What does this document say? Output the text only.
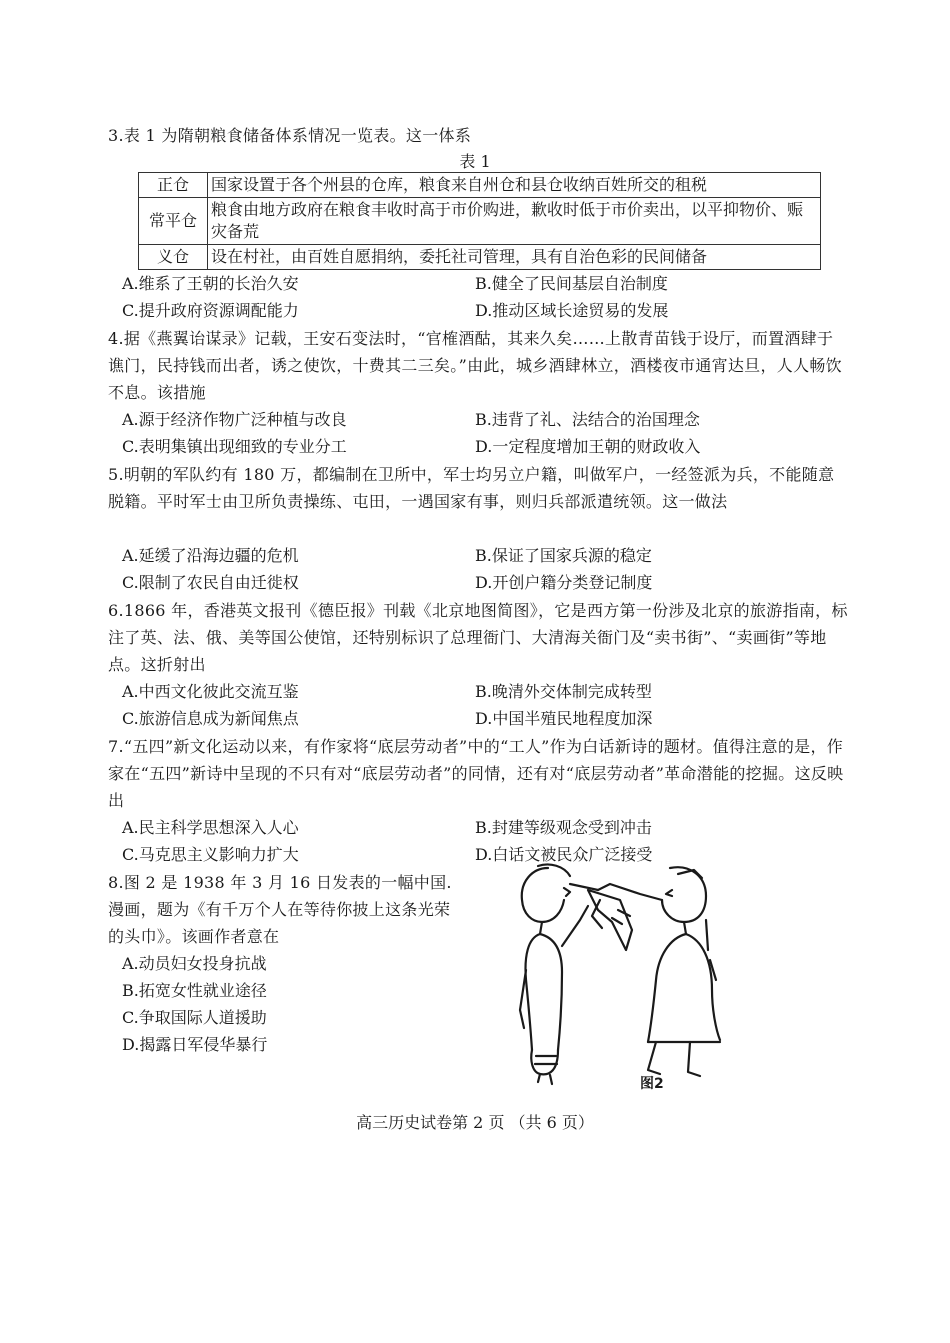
3.表 1 为隋朝粮食储备体系情况一览表。这一体系
表 1
正仓	国家设置于各个州县的仓库，粮食来自州仓和县仓收纳百姓所交的租税
常平仓	粮食由地方政府在粮食丰收时高于市价购进，歉收时低于市价卖出，以平抑物价、赈灾备荒
义仓	设在村社，由百姓自愿捐纳，委托社司管理，具有自治色彩的民间储备
A.维系了王朝的长治久安	B.健全了民间基层自治制度
C.提升政府资源调配能力	D.推动区域长途贸易的发展
4.据《燕翼诒谋录》记载，王安石变法时，“官榷酒酤，其来久矣……上散青苗钱于设厅，而置酒肆于谯门，民持钱而出者，诱之使饮，十费其二三矣。”由此，城乡酒肆林立，酒楼夜市通宵达旦，人人畅饮不息。该措施
A.源于经济作物广泛种植与改良	B.违背了礼、法结合的治国理念
C.表明集镇出现细致的专业分工	D.一定程度增加王朝的财政收入
5.明朝的军队约有 180 万，都编制在卫所中，军士均另立户籍，叫做军户，一经签派为兵，不能随意脱籍。平时军士由卫所负责操练、屯田，一遇国家有事，则归兵部派遣统领。这一做法
A.延缓了沿海边疆的危机	B.保证了国家兵源的稳定
C.限制了农民自由迁徙权	D.开创户籍分类登记制度
6.1866 年，香港英文报刊《德臣报》刊载《北京地图简图》，它是西方第一份涉及北京的旅游指南，标注了英、法、俄、美等国公使馆，还特别标识了总理衙门、大清海关衙门及“卖书街”、“卖画街”等地点。这折射出
A.中西文化彼此交流互鉴	B.晚清外交体制完成转型
C.旅游信息成为新闻焦点	D.中国半殖民地程度加深
7.“五四”新文化运动以来，有作家将“底层劳动者”中的“工人”作为白话新诗的题材。值得注意的是，作家在“五四”新诗中呈现的不只有对“底层劳动者”的同情，还有对“底层劳动者”革命潜能的挖掘。这反映出
A.民主科学思想深入人心	B.封建等级观念受到冲击
C.马克思主义影响力扩大	D.白话文被民众广泛接受
8.图 2 是 1938 年 3 月 16 日发表的一幅中国.漫画，题为《有千万个人在等待你披上这条光荣的头巾》。该画作者意在
A.动员妇女投身抗战
B.拓宽女性就业途径
C.争取国际人道援助
D.揭露日军侵华暴行
图2
高三历史试卷第 2 页 （共 6 页）
